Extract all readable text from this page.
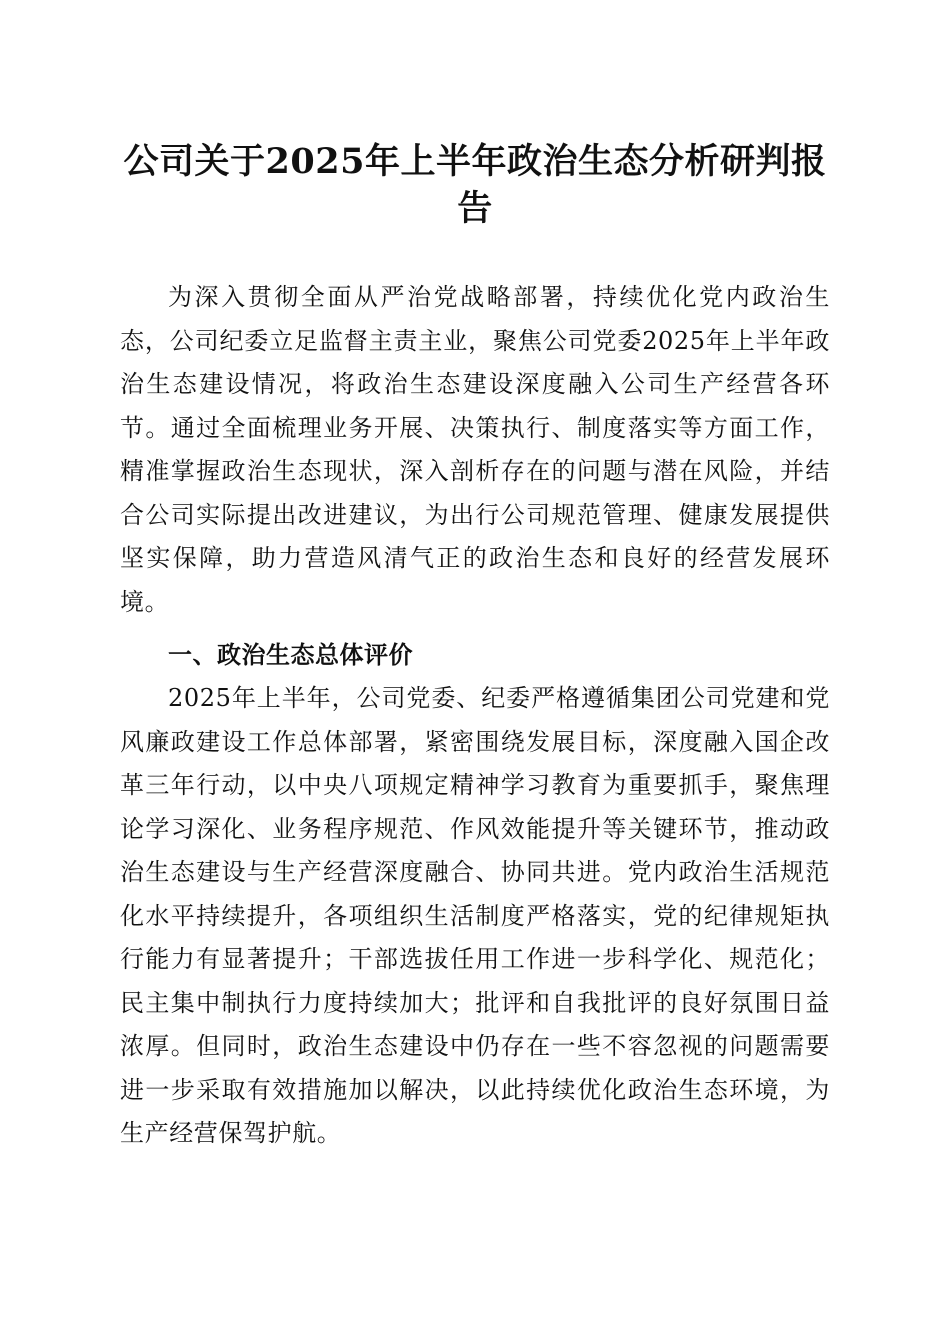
公司关于2025年上半年政治生态分析研判报告

为深入贯彻全面从严治党战略部署，持续优化党内政治生态，公司纪委立足监督主责主业，聚焦公司党委2025年上半年政治生态建设情况，将政治生态建设深度融入公司生产经营各环节。通过全面梳理业务开展、决策执行、制度落实等方面工作，精准掌握政治生态现状，深入剖析存在的问题与潜在风险，并结合公司实际提出改进建议，为出行公司规范管理、健康发展提供坚实保障，助力营造风清气正的政治生态和良好的经营发展环境。

一、政治生态总体评价

2025年上半年，公司党委、纪委严格遵循集团公司党建和党风廉政建设工作总体部署，紧密围绕发展目标，深度融入国企改革三年行动，以中央八项规定精神学习教育为重要抓手，聚焦理论学习深化、业务程序规范、作风效能提升等关键环节，推动政治生态建设与生产经营深度融合、协同共进。党内政治生活规范化水平持续提升，各项组织生活制度严格落实，党的纪律规矩执行能力有显著提升；干部选拔任用工作进一步科学化、规范化；民主集中制执行力度持续加大；批评和自我批评的良好氛围日益浓厚。但同时，政治生态建设中仍存在一些不容忽视的问题需要进一步采取有效措施加以解决，以此持续优化政治生态环境，为生产经营保驾护航。
